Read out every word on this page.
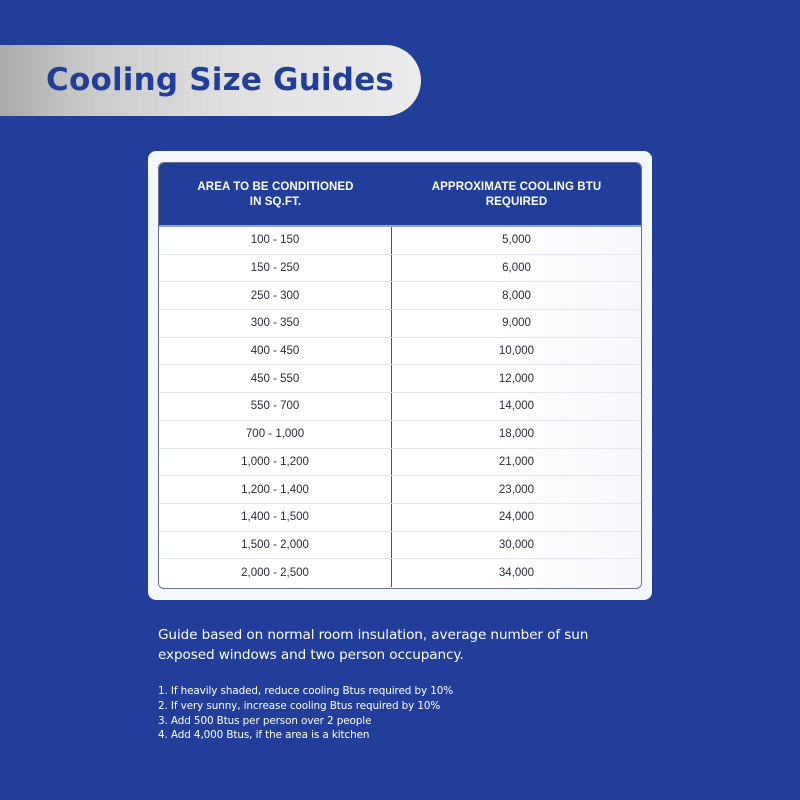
Cooling Size Guides
AREA TO BE CONDITIONED
IN SQ.FT.
APPROXIMATE COOLING BTU
REQUIRED
100 - 150	5,000
150 - 250	6,000
250 - 300	8,000
300 - 350	9,000
400 - 450	10,000
450 - 550	12,000
550 - 700	14,000
700 - 1,000	18,000
1,000 - 1,200	21,000
1,200 - 1,400	23,000
1,400 - 1,500	24,000
1,500 - 2,000	30,000
2,000 - 2,500	34,000
Guide based on normal room insulation, average number of sun
exposed windows and two person occupancy.
1. If heavily shaded, reduce cooling Btus required by 10%
2. If very sunny, increase cooling Btus required by 10%
3. Add 500 Btus per person over 2 people
4. Add 4,000 Btus, if the area is a kitchen
